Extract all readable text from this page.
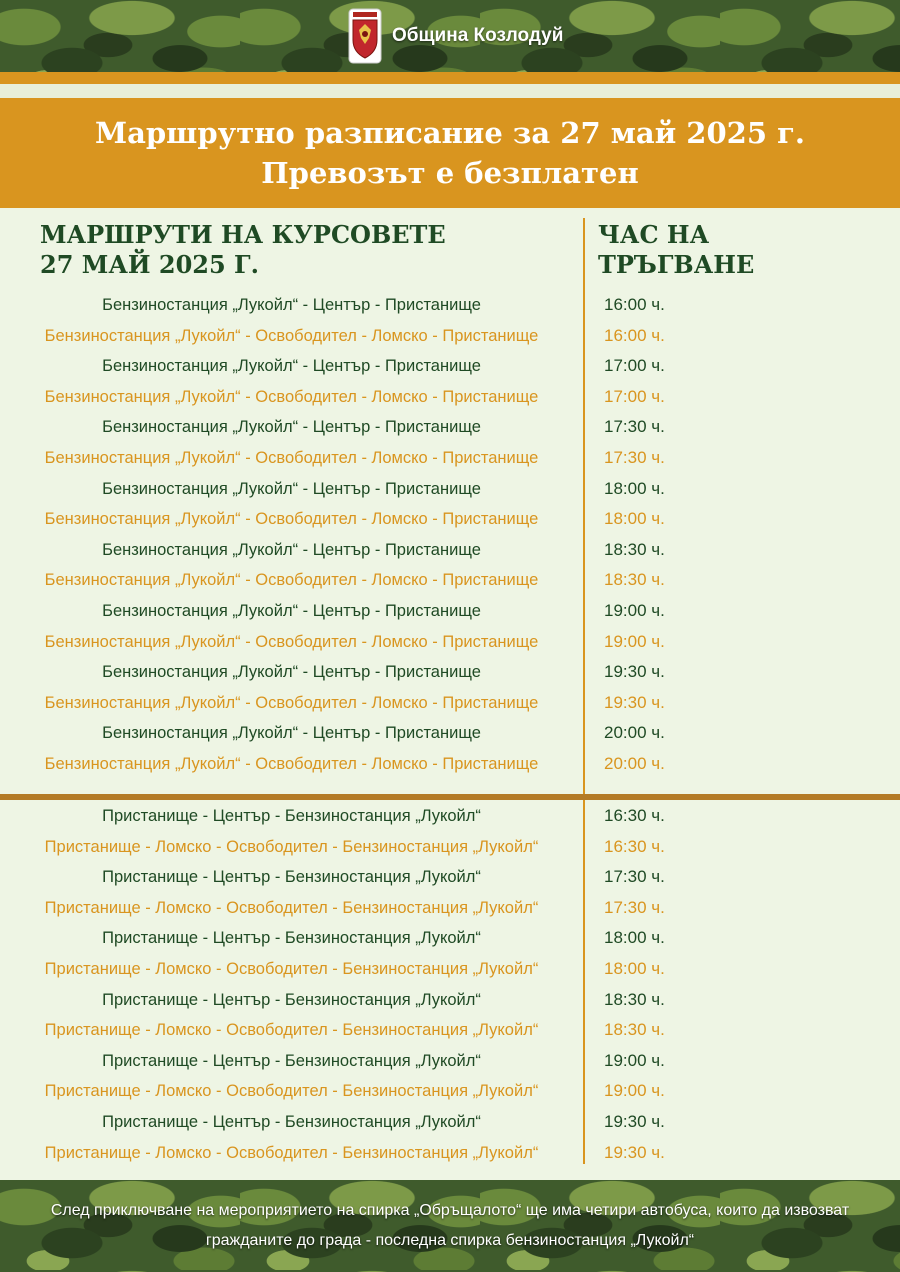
Община Козлодуй
Маршрутно разписание за 27 май 2025 г.
Превозът е безплатен
МАРШРУТИ НА КУРСОВЕТЕ
27 МАЙ 2025 Г.
ЧАС НА
ТРЪГВАНЕ
Бензиностанция „Лукойл“ - Център - Пристанище	16:00 ч.
Бензиностанция „Лукойл“ - Освободител - Ломско - Пристанище	16:00 ч.
Бензиностанция „Лукойл“ - Център - Пристанище	17:00 ч.
Бензиностанция „Лукойл“ - Освободител - Ломско - Пристанище	17:00 ч.
Бензиностанция „Лукойл“ - Център - Пристанище	17:30 ч.
Бензиностанция „Лукойл“ - Освободител - Ломско - Пристанище	17:30 ч.
Бензиностанция „Лукойл“ - Център - Пристанище	18:00 ч.
Бензиностанция „Лукойл“ - Освободител - Ломско - Пристанище	18:00 ч.
Бензиностанция „Лукойл“ - Център - Пристанище	18:30 ч.
Бензиностанция „Лукойл“ - Освободител - Ломско - Пристанище	18:30 ч.
Бензиностанция „Лукойл“ - Център - Пристанище	19:00 ч.
Бензиностанция „Лукойл“ - Освободител - Ломско - Пристанище	19:00 ч.
Бензиностанция „Лукойл“ - Център - Пристанище	19:30 ч.
Бензиностанция „Лукойл“ - Освободител - Ломско - Пристанище	19:30 ч.
Бензиностанция „Лукойл“ - Център - Пристанище	20:00 ч.
Бензиностанция „Лукойл“ - Освободител - Ломско - Пристанище	20:00 ч.
Пристанище - Център - Бензиностанция „Лукойл“	16:30 ч.
Пристанище - Ломско - Освободител - Бензиностанция „Лукойл“	16:30 ч.
Пристанище - Център - Бензиностанция „Лукойл“	17:30 ч.
Пристанище - Ломско - Освободител - Бензиностанция „Лукойл“	17:30 ч.
Пристанище - Център - Бензиностанция „Лукойл“	18:00 ч.
Пристанище - Ломско - Освободител - Бензиностанция „Лукойл“	18:00 ч.
Пристанище - Център - Бензиностанция „Лукойл“	18:30 ч.
Пристанище - Ломско - Освободител - Бензиностанция „Лукойл“	18:30 ч.
Пристанище - Център - Бензиностанция „Лукойл“	19:00 ч.
Пристанище - Ломско - Освободител - Бензиностанция „Лукойл“	19:00 ч.
Пристанище - Център - Бензиностанция „Лукойл“	19:30 ч.
Пристанище - Ломско - Освободител - Бензиностанция „Лукойл“	19:30 ч.
След приключване на мероприятието на спирка „Обръщалото“ ще има четири автобуса, които да извозват гражданите до града - последна спирка бензиностанция „Лукойл“
